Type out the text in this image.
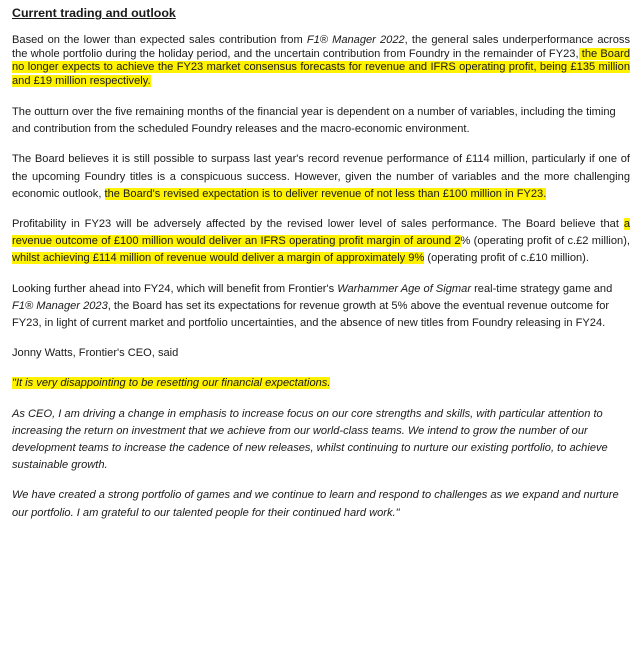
Current trading and outlook

Based on the lower than expected sales contribution from F1® Manager 2022, the general sales underperformance across the whole portfolio during the holiday period, and the uncertain contribution from Foundry in the remainder of FY23, the Board no longer expects to achieve the FY23 market consensus forecasts for revenue and IFRS operating profit, being £135 million and £19 million respectively.

The outturn over the five remaining months of the financial year is dependent on a number of variables, including the timing and contribution from the scheduled Foundry releases and the macro-economic environment.

The Board believes it is still possible to surpass last year's record revenue performance of £114 million, particularly if one of the upcoming Foundry titles is a conspicuous success. However, given the number of variables and the more challenging economic outlook, the Board's revised expectation is to deliver revenue of not less than £100 million in FY23.

Profitability in FY23 will be adversely affected by the revised lower level of sales performance. The Board believe that a revenue outcome of £100 million would deliver an IFRS operating profit margin of around 2% (operating profit of c.£2 million), whilst achieving £114 million of revenue would deliver a margin of approximately 9% (operating profit of c.£10 million).

Looking further ahead into FY24, which will benefit from Frontier's Warhammer Age of Sigmar real-time strategy game and F1® Manager 2023, the Board has set its expectations for revenue growth at 5% above the eventual revenue outcome for FY23, in light of current market and portfolio uncertainties, and the absence of new titles from Foundry releasing in FY24.

Jonny Watts, Frontier's CEO, said

"It is very disappointing to be resetting our financial expectations.

As CEO, I am driving a change in emphasis to increase focus on our core strengths and skills, with particular attention to increasing the return on investment that we achieve from our world-class teams. We intend to grow the number of our development teams to increase the cadence of new releases, whilst continuing to nurture our existing portfolio, to achieve sustainable growth.

We have created a strong portfolio of games and we continue to learn and respond to challenges as we expand and nurture our portfolio. I am grateful to our talented people for their continued hard work."
